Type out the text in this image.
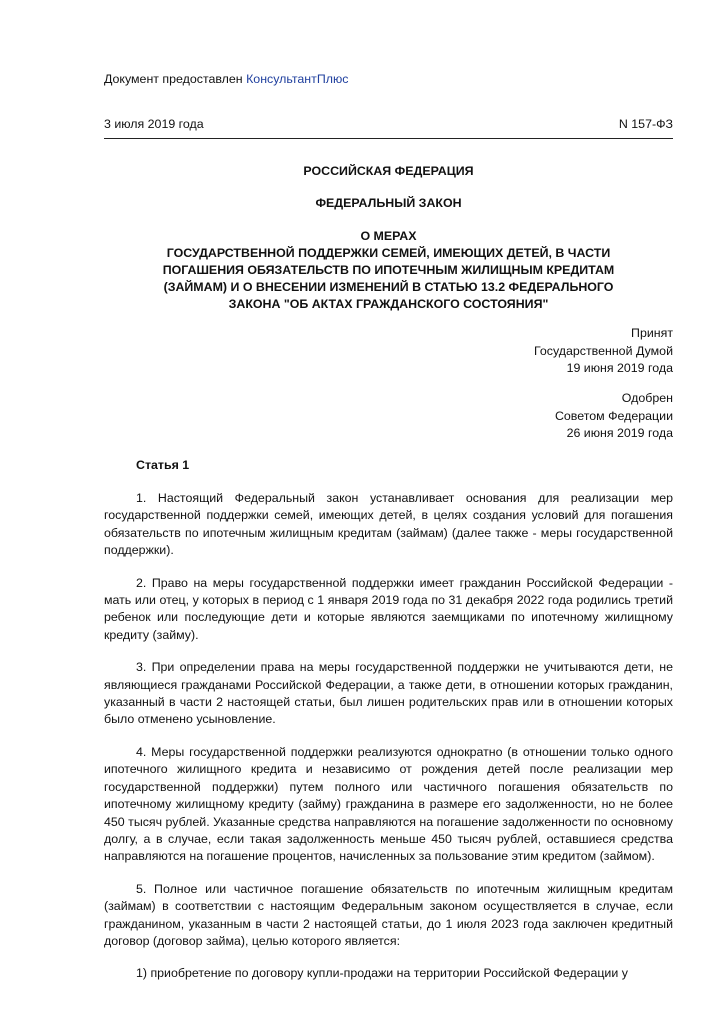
Документ предоставлен КонсультантПлюс
3 июля 2019 года	N 157-ФЗ
РОССИЙСКАЯ ФЕДЕРАЦИЯ
ФЕДЕРАЛЬНЫЙ ЗАКОН
О МЕРАХ
ГОСУДАРСТВЕННОЙ ПОДДЕРЖКИ СЕМЕЙ, ИМЕЮЩИХ ДЕТЕЙ, В ЧАСТИ
ПОГАШЕНИЯ ОБЯЗАТЕЛЬСТВ ПО ИПОТЕЧНЫМ ЖИЛИЩНЫМ КРЕДИТАМ
(ЗАЙМАМ) И О ВНЕСЕНИИ ИЗМЕНЕНИЙ В СТАТЬЮ 13.2 ФЕДЕРАЛЬНОГО
ЗАКОНА "ОБ АКТАХ ГРАЖДАНСКОГО СОСТОЯНИЯ"
Принят
Государственной Думой
19 июня 2019 года
Одобрен
Советом Федерации
26 июня 2019 года
Статья 1

1. Настоящий Федеральный закон устанавливает основания для реализации мер государственной поддержки семей, имеющих детей, в целях создания условий для погашения обязательств по ипотечным жилищным кредитам (займам) (далее также - меры государственной поддержки).

2. Право на меры государственной поддержки имеет гражданин Российской Федерации - мать или отец, у которых в период с 1 января 2019 года по 31 декабря 2022 года родились третий ребенок или последующие дети и которые являются заемщиками по ипотечному жилищному кредиту (займу).

3. При определении права на меры государственной поддержки не учитываются дети, не являющиеся гражданами Российской Федерации, а также дети, в отношении которых гражданин, указанный в части 2 настоящей статьи, был лишен родительских прав или в отношении которых было отменено усыновление.

4. Меры государственной поддержки реализуются однократно (в отношении только одного ипотечного жилищного кредита и независимо от рождения детей после реализации мер государственной поддержки) путем полного или частичного погашения обязательств по ипотечному жилищному кредиту (займу) гражданина в размере его задолженности, но не более 450 тысяч рублей. Указанные средства направляются на погашение задолженности по основному долгу, а в случае, если такая задолженность меньше 450 тысяч рублей, оставшиеся средства направляются на погашение процентов, начисленных за пользование этим кредитом (займом).

5. Полное или частичное погашение обязательств по ипотечным жилищным кредитам (займам) в соответствии с настоящим Федеральным законом осуществляется в случае, если гражданином, указанным в части 2 настоящей статьи, до 1 июля 2023 года заключен кредитный договор (договор займа), целью которого является:

1) приобретение по договору купли-продажи на территории Российской Федерации у
